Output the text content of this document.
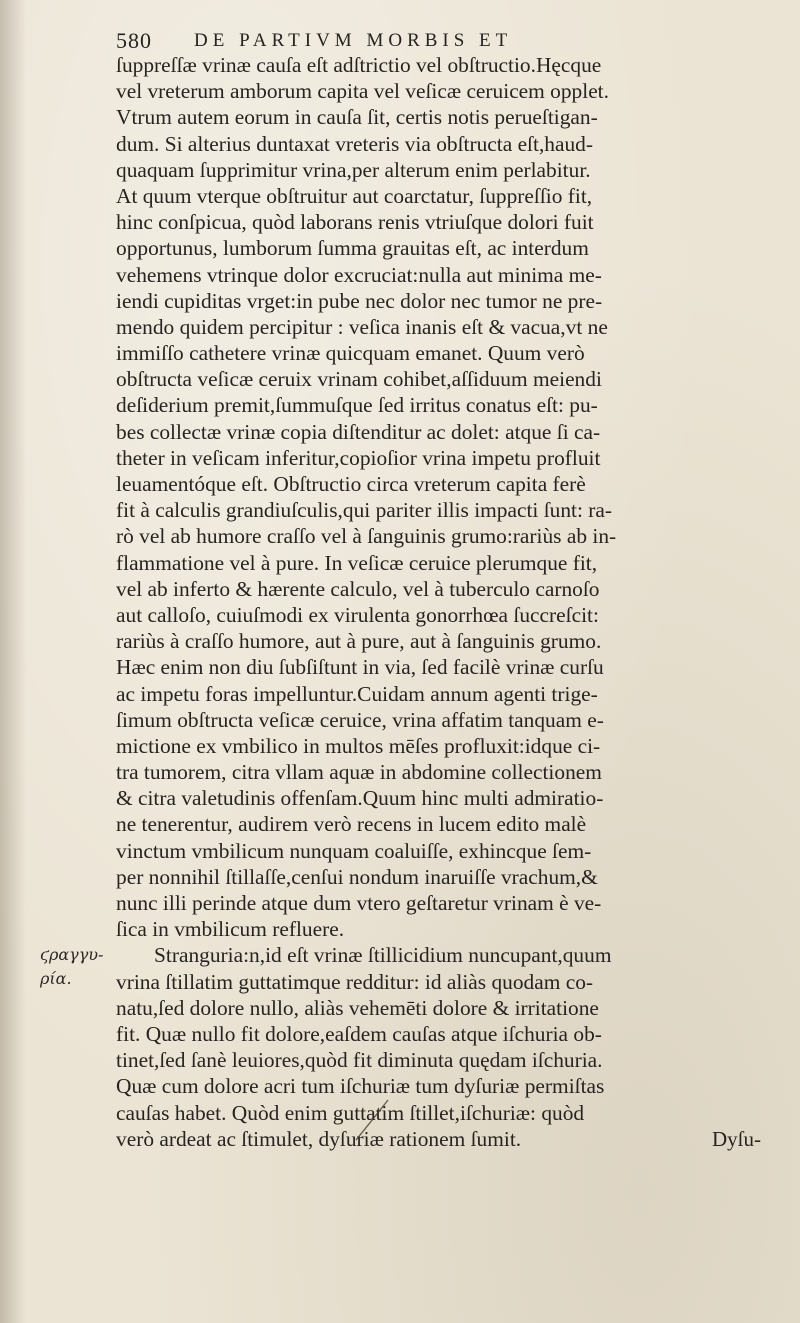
580 DE PARTIVM MORBIS ET
ſuppreſſæ vrinæ cauſa eſt adſtrictio vel obſtructio.Hęcque
vel vreterum amborum capita vel veſicæ ceruicem opplet.
Vtrum autem eorum in cauſa ſit, certis notis perueſtigan-
dum. Si alterius duntaxat vreteris via obſtructa eſt,haud-
quaquam ſupprimitur vrina,per alterum enim perlabitur.
At quum vterque obſtruitur aut coarctatur, ſuppreſſio fit,
hinc conſpicua, quòd laborans renis vtriuſque dolori fuit
opportunus, lumborum ſumma grauitas eſt, ac interdum
vehemens vtrinque dolor excruciat:nulla aut minima me-
iendi cupiditas vrget:in pube nec dolor nec tumor ne pre-
mendo quidem percipitur : veſica inanis eſt & vacua,vt ne
immiſſo cathetere vrinæ quicquam emanet. Quum verò
obſtructa veſicæ ceruix vrinam cohibet,aſſiduum meiendi
deſiderium premit,ſummuſque ſed irritus conatus eſt: pu-
bes collectæ vrinæ copia diſtenditur ac dolet: atque ſi ca-
theter in veſicam inferitur,copioſior vrina impetu profluit
leuamentóque eſt. Obſtructio circa vreterum capita ferè
fit à calculis grandiuſculis,qui pariter illis impacti ſunt: ra-
rò vel ab humore craſſo vel à ſanguinis grumo:rariùs ab in-
flammatione vel à pure. In veſicæ ceruice plerumque fit,
vel ab inferto & hærente calculo, vel à tuberculo carnoſo
aut calloſo, cuiuſmodi ex virulenta gonorrhœa ſuccreſcit:
rariùs à craſſo humore, aut à pure, aut à ſanguinis grumo.
Hæc enim non diu ſubſiſtunt in via, ſed facilè vrinæ curſu
ac impetu foras impelluntur.Cuidam annum agenti trige-
ſimum obſtructa veſicæ ceruice, vrina affatim tanquam e-
mictione ex vmbilico in multos mēſes profluxit:idque ci-
tra tumorem, citra vllam aquæ in abdomine collectionem
& citra valetudinis offenſam.Quum hinc multi admiratio-
ne tenerentur, audirem verò recens in lucem edito malè
vinctum vmbilicum nunquam coaluiſſe, exhincque ſem-
per nonnihil ſtillaſſe,cenſui nondum inaruiſſe vrachum,&
nunc illi perinde atque dum vtero geſtaretur vrinam è ve-
ſica in vmbilicum refluere.
Stranguria:n,id eſt vrinæ ſtillicidium nuncupant,quum
vrina ſtillatim guttatimque redditur: id aliàs quodam co-
natu,ſed dolore nullo, aliàs vehemēti dolore & irritatione
fit. Quæ nullo fit dolore,eaſdem cauſas atque iſchuria ob-
tinet,ſed ſanè leuiores,quòd fit diminuta quędam iſchuria.
Quæ cum dolore acri tum iſchuriæ tum dyſuriæ permiſtas
cauſas habet. Quòd enim guttatim ſtillet,iſchuriæ: quòd
verò ardeat ac ſtimulet, dyſuriæ rationem ſumit.
ϛραγγυ-
ρία.
Dyſu-
